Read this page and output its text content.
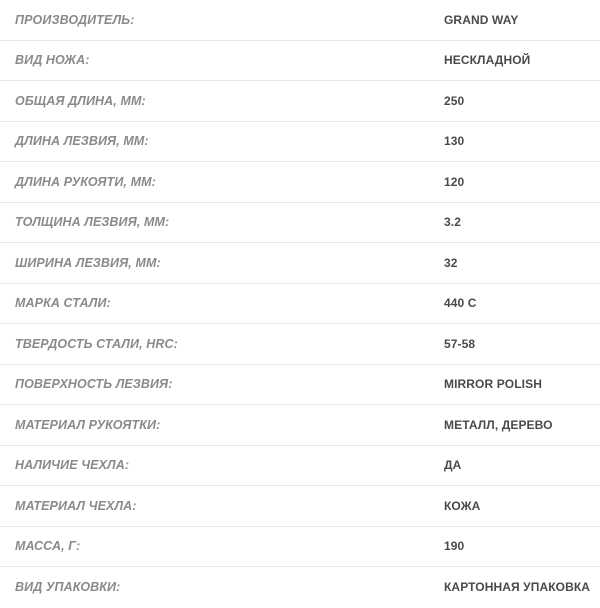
ПРОИЗВОДИТЕЛЬ:	GRAND WAY
ВИД НОЖА:	НЕСКЛАДНОЙ
ОБЩАЯ ДЛИНА, ММ:	250
ДЛИНА ЛЕЗВИЯ, ММ:	130
ДЛИНА РУКОЯТИ, ММ:	120
ТОЛЩИНА ЛЕЗВИЯ, ММ:	3.2
ШИРИНА ЛЕЗВИЯ, ММ:	32
МАРКА СТАЛИ:	440 C
ТВЕРДОСТЬ СТАЛИ, HRC:	57-58
ПОВЕРХНОСТЬ ЛЕЗВИЯ:	MIRROR POLISH
МАТЕРИАЛ РУКОЯТКИ:	МЕТАЛЛ, ДЕРЕВО
НАЛИЧИЕ ЧЕХЛА:	ДА
МАТЕРИАЛ ЧЕХЛА:	КОЖА
МАССА, Г:	190
ВИД УПАКОВКИ:	КАРТОННАЯ УПАКОВКА
